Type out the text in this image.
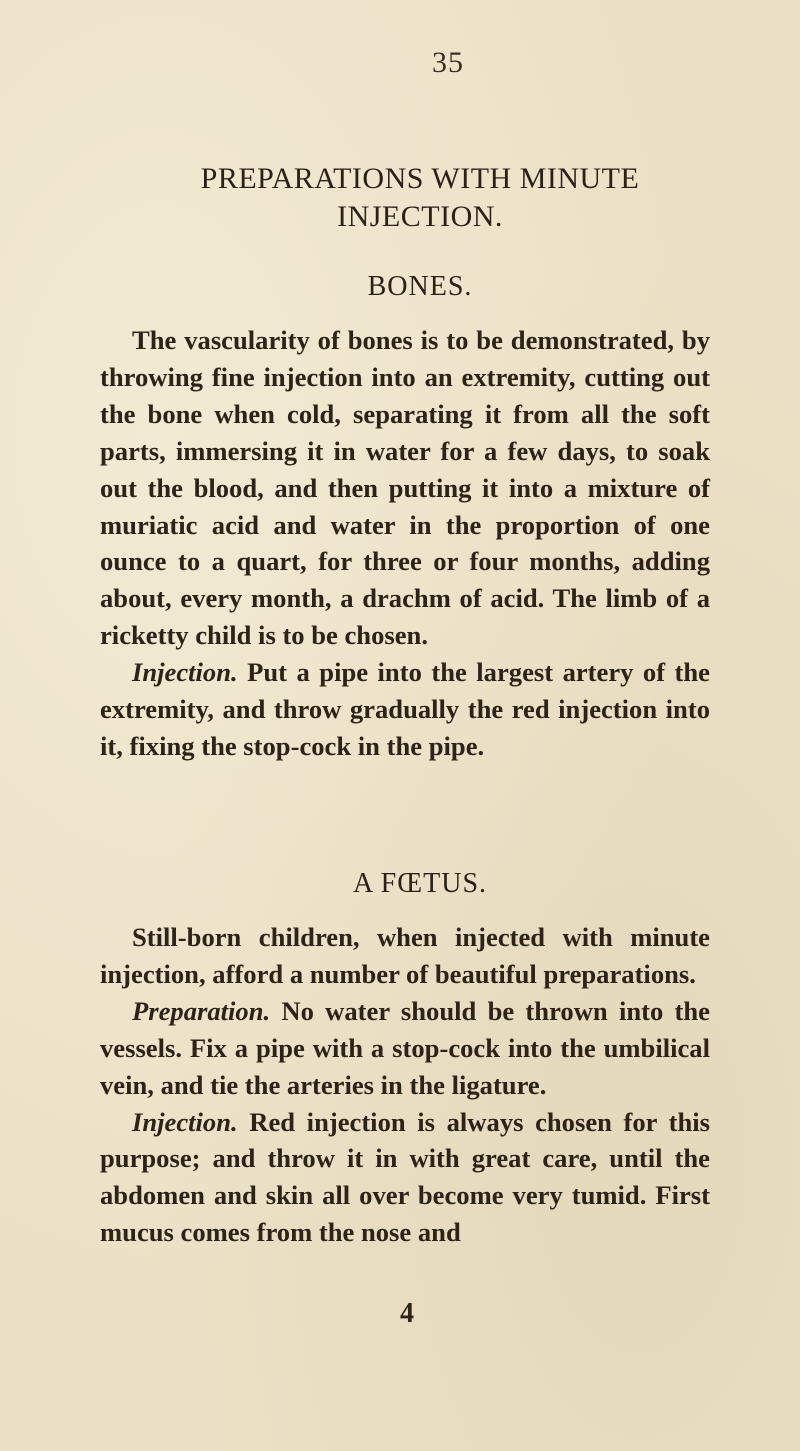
35
PREPARATIONS WITH MINUTE
INJECTION.
BONES.

The vascularity of bones is to be demonstrated, by throwing fine injection into an extremity, cutting out the bone when cold, separating it from all the soft parts, immersing it in water for a few days, to soak out the blood, and then putting it into a mixture of muriatic acid and water in the proportion of one ounce to a quart, for three or four months, adding about, every month, a drachm of acid. The limb of a ricketty child is to be chosen.

Injection. Put a pipe into the largest artery of the extremity, and throw gradually the red injection into it, fixing the stop-cock in the pipe.

A FŒTUS.

Still-born children, when injected with minute injection, afford a number of beautiful preparations.

Preparation. No water should be thrown into the vessels. Fix a pipe with a stop-cock into the umbilical vein, and tie the arteries in the ligature.

Injection. Red injection is always chosen for this purpose; and throw it in with great care, until the abdomen and skin all over become very tumid. First mucus comes from the nose and

4
